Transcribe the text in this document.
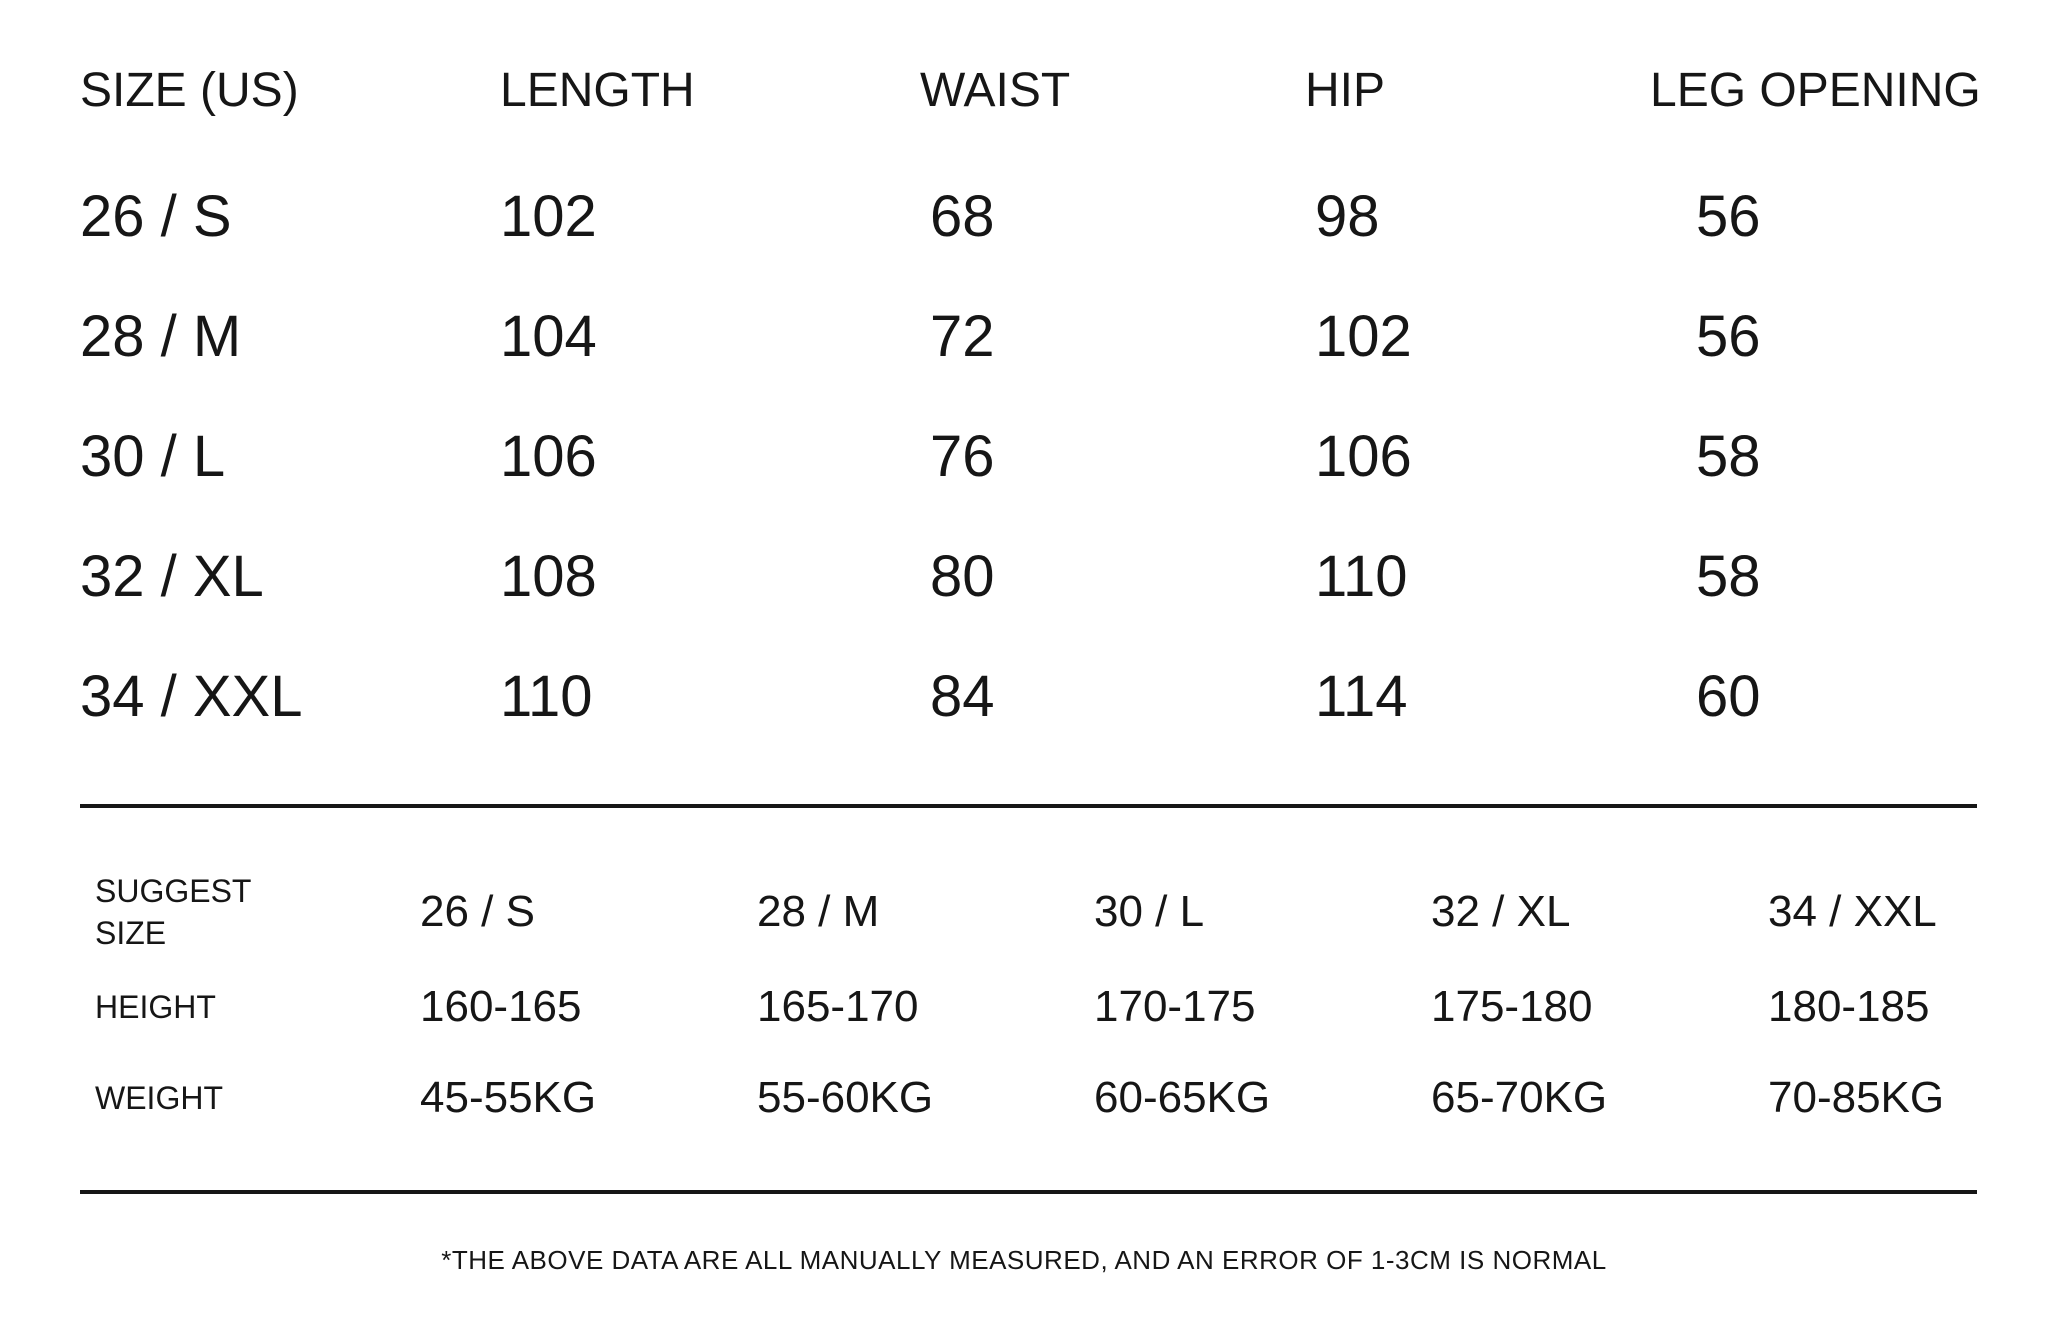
SIZE (US)	LENGTH	WAIST	HIP	LEG OPENING
26 / S	102	68	98	56
28 / M	104	72	102	56
30 / L	106	76	106	58
32 / XL	108	80	110	58
34 / XXL	110	84	114	60
SUGGEST SIZE	26 / S	28 / M	30 / L	32 / XL	34 / XXL
HEIGHT	160-165	165-170	170-175	175-180	180-185
WEIGHT	45-55KG	55-60KG	60-65KG	65-70KG	70-85KG
*THE ABOVE DATA ARE ALL MANUALLY MEASURED, AND AN ERROR OF 1-3CM IS NORMAL
